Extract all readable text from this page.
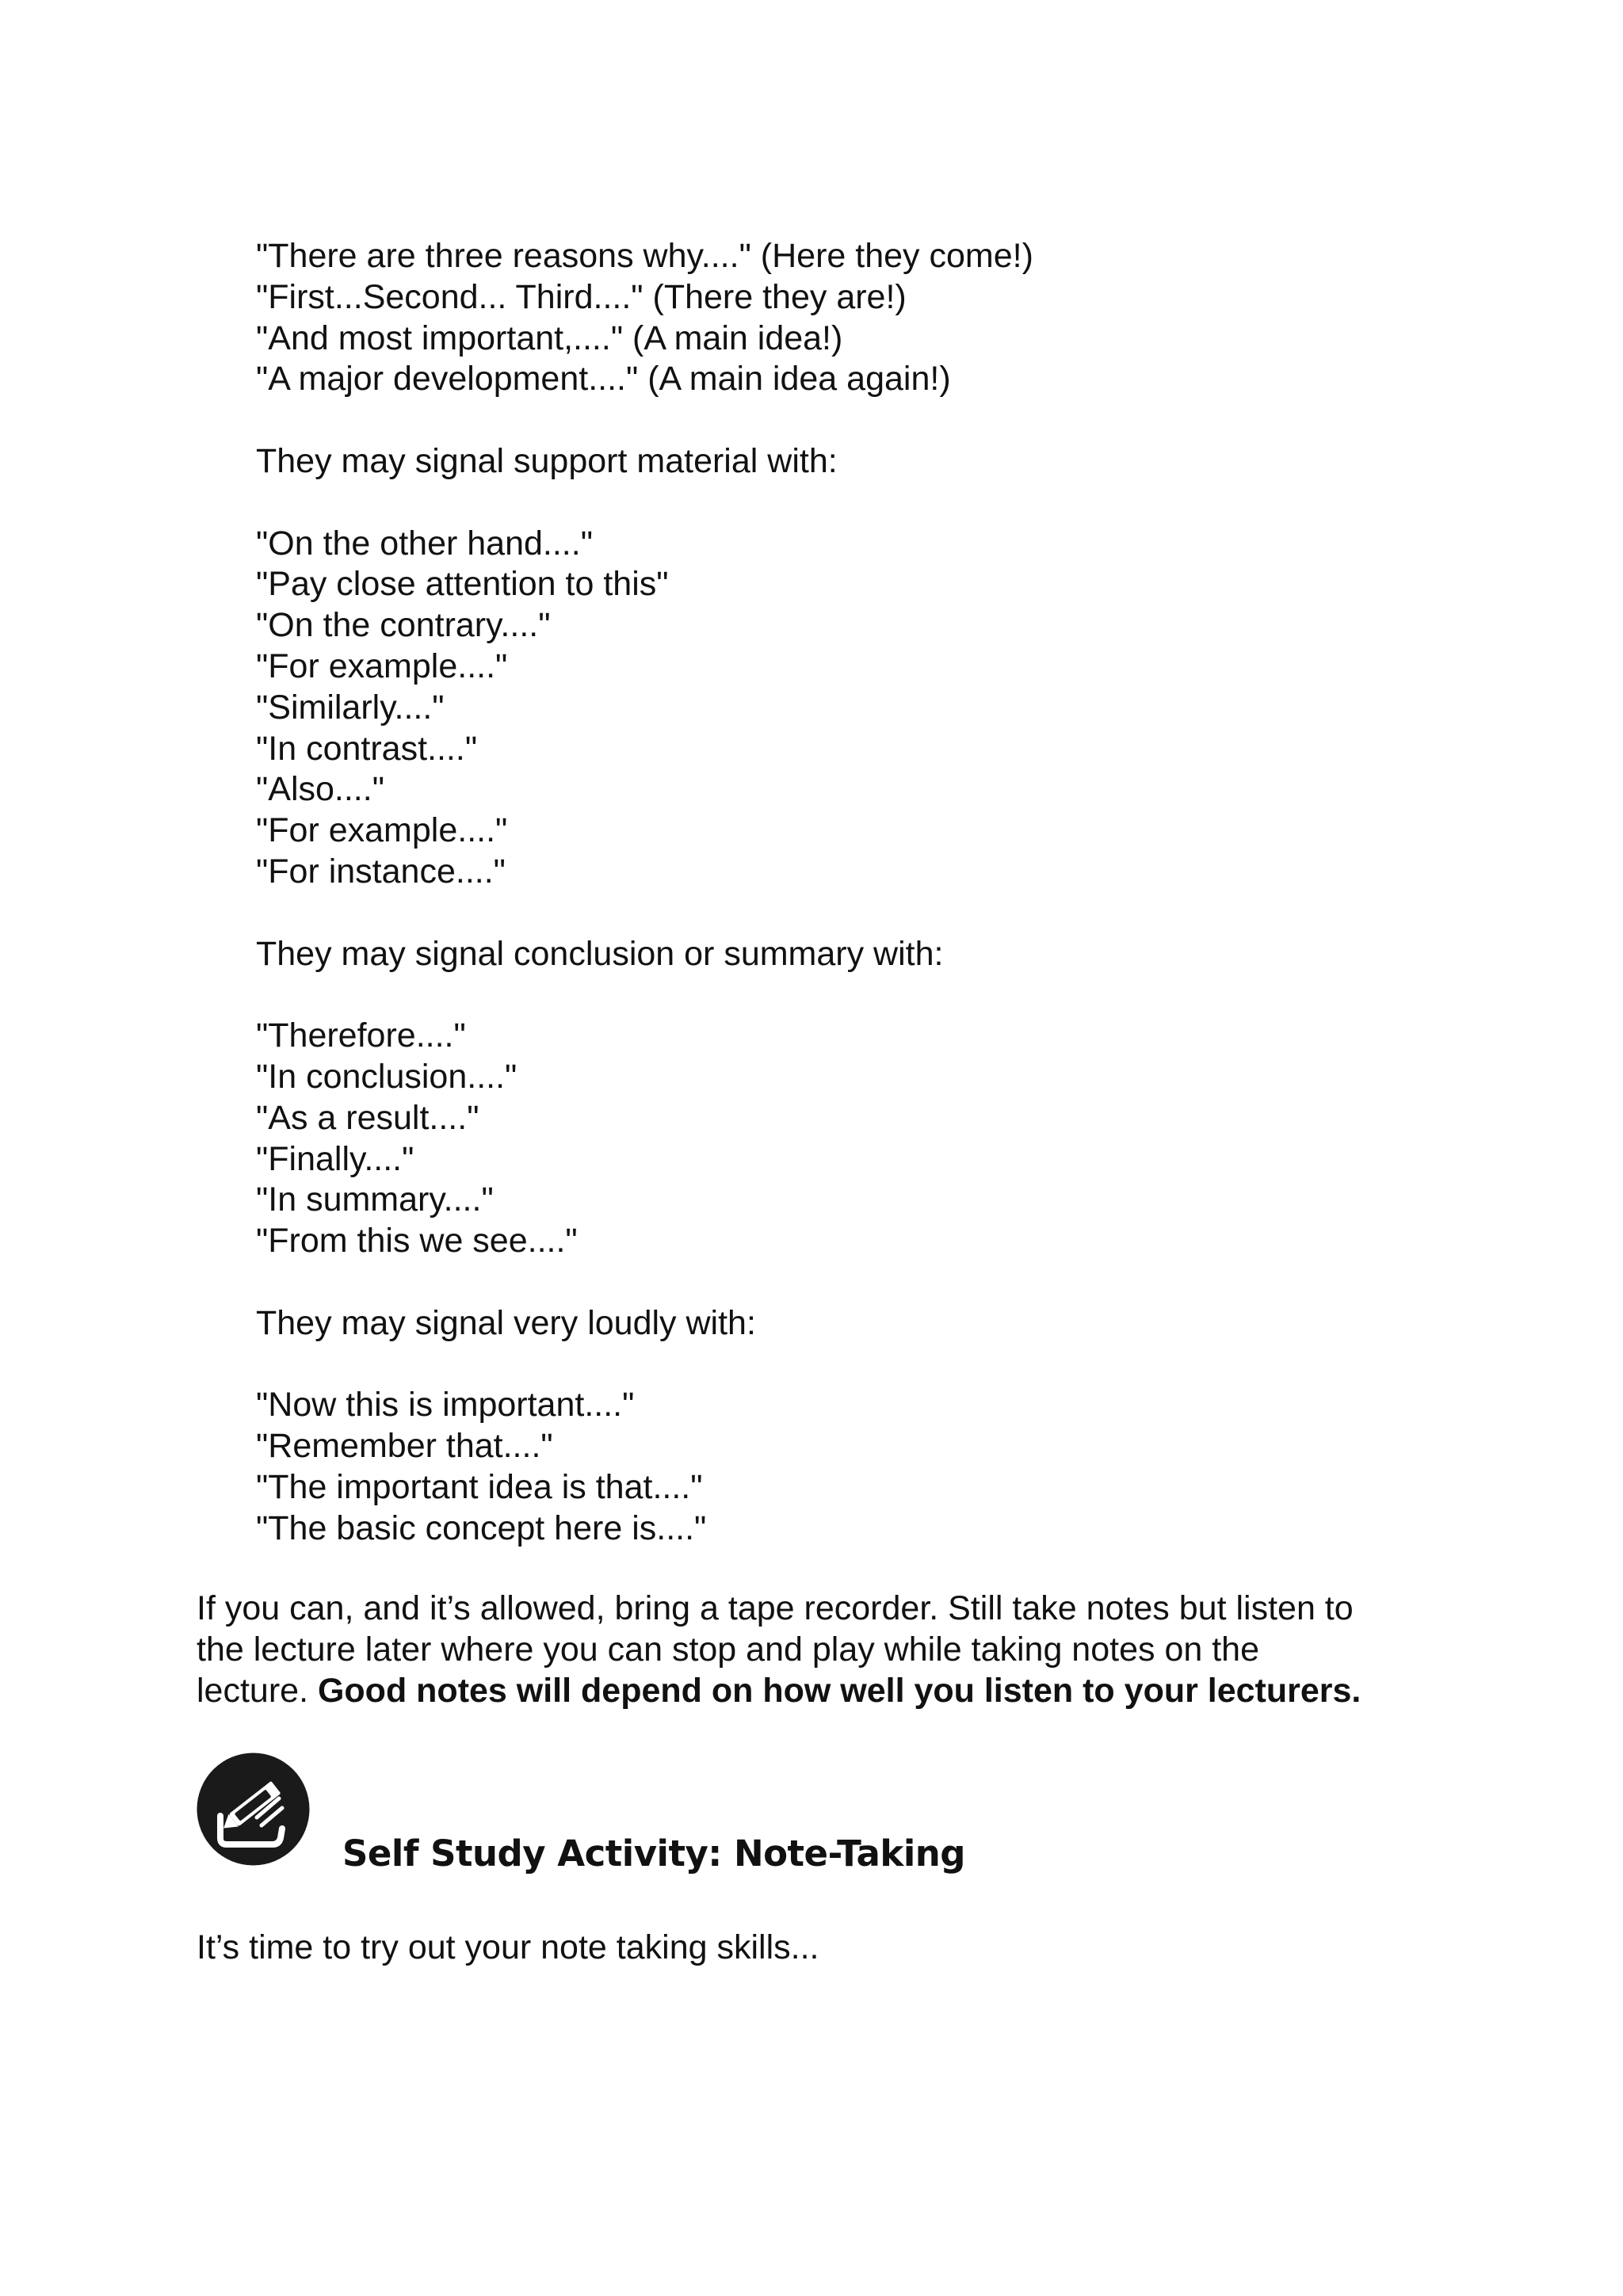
"There are three reasons why...." (Here they come!)
"First...Second... Third...." (There they are!)
"And most important,...." (A main idea!)
"A major development...." (A main idea again!)
They may signal support material with:
"On the other hand...."
"Pay close attention to this"
"On the contrary...."
"For example...."
"Similarly...."
"In contrast...."
"Also...."
"For example...."
"For instance...."
They may signal conclusion or summary with:
"Therefore...."
"In conclusion...."
"As a result...."
"Finally...."
"In summary...."
"From this we see...."
They may signal very loudly with:
"Now this is important...."
"Remember that...."
"The important idea is that...."
"The basic concept here is...."
If you can, and it’s allowed, bring a tape recorder. Still take notes but listen to
the lecture later where you can stop and play while taking notes on the
lecture. Good notes will depend on how well you listen to your lecturers.
Self Study Activity: Note-Taking
It’s time to try out your note taking skills...
